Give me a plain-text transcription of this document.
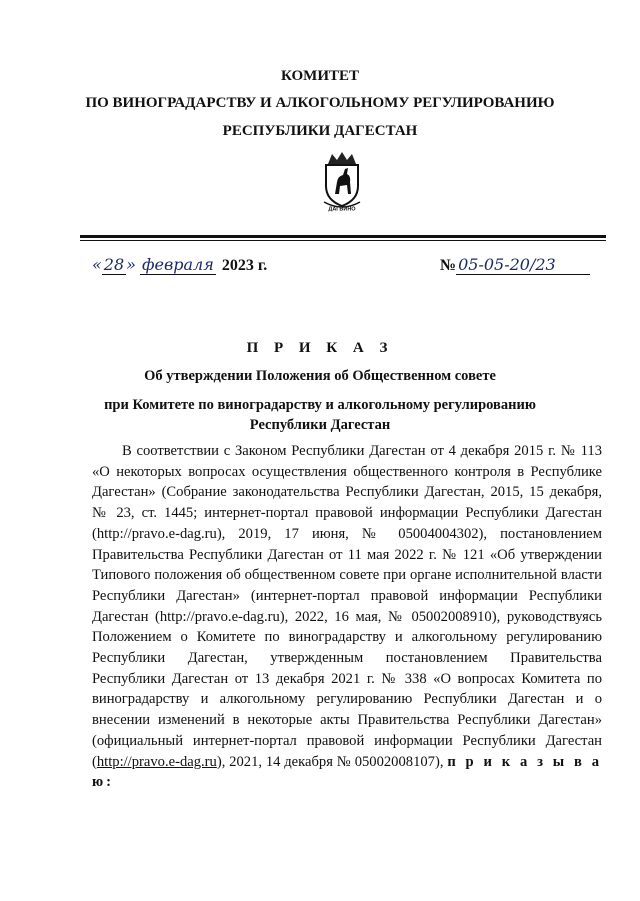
КОМИТЕТ
ПО ВИНОГРАДАРСТВУ И АЛКОГОЛЬНОМУ РЕГУЛИРОВАНИЮ
РЕСПУБЛИКИ ДАГЕСТАН
ДАГВИНО
« 28 » февраля 2023 г.	№ 05-05-20/23
П Р И К А З
Об утверждении Положения об Общественном совете
при Комитете по виноградарству и алкогольному регулированию
Республики Дагестан

В соответствии с Законом Республики Дагестан от 4 декабря 2015 г. № 113 «О некоторых вопросах осуществления общественного контроля в Республике Дагестан» (Собрание законодательства Республики Дагестан, 2015, 15 декабря, № 23, ст. 1445; интернет-портал правовой информации Республики Дагестан (http://pravo.e-dag.ru), 2019, 17 июня, № 05004004302), постановлением Правительства Республики Дагестан от 11 мая 2022 г. № 121 «Об утверждении Типового положения об общественном совете при органе исполнительной власти Республики Дагестан» (интернет-портал правовой информации Республики Дагестан (http://pravo.e-dag.ru), 2022, 16 мая, № 05002008910), руководствуясь Положением о Комитете по виноградарству и алкогольному регулированию Республики Дагестан, утвержденным постановлением Правительства Республики Дагестан от 13 декабря 2021 г. № 338 «О вопросах Комитета по виноградарству и алкогольному регулированию Республики Дагестан и о внесении изменений в некоторые акты Правительства Республики Дагестан» (официальный интернет-портал правовой информации Республики Дагестан (http://pravo.e-dag.ru), 2021, 14 декабря № 05002008107), п р и к а з ы в а ю:
